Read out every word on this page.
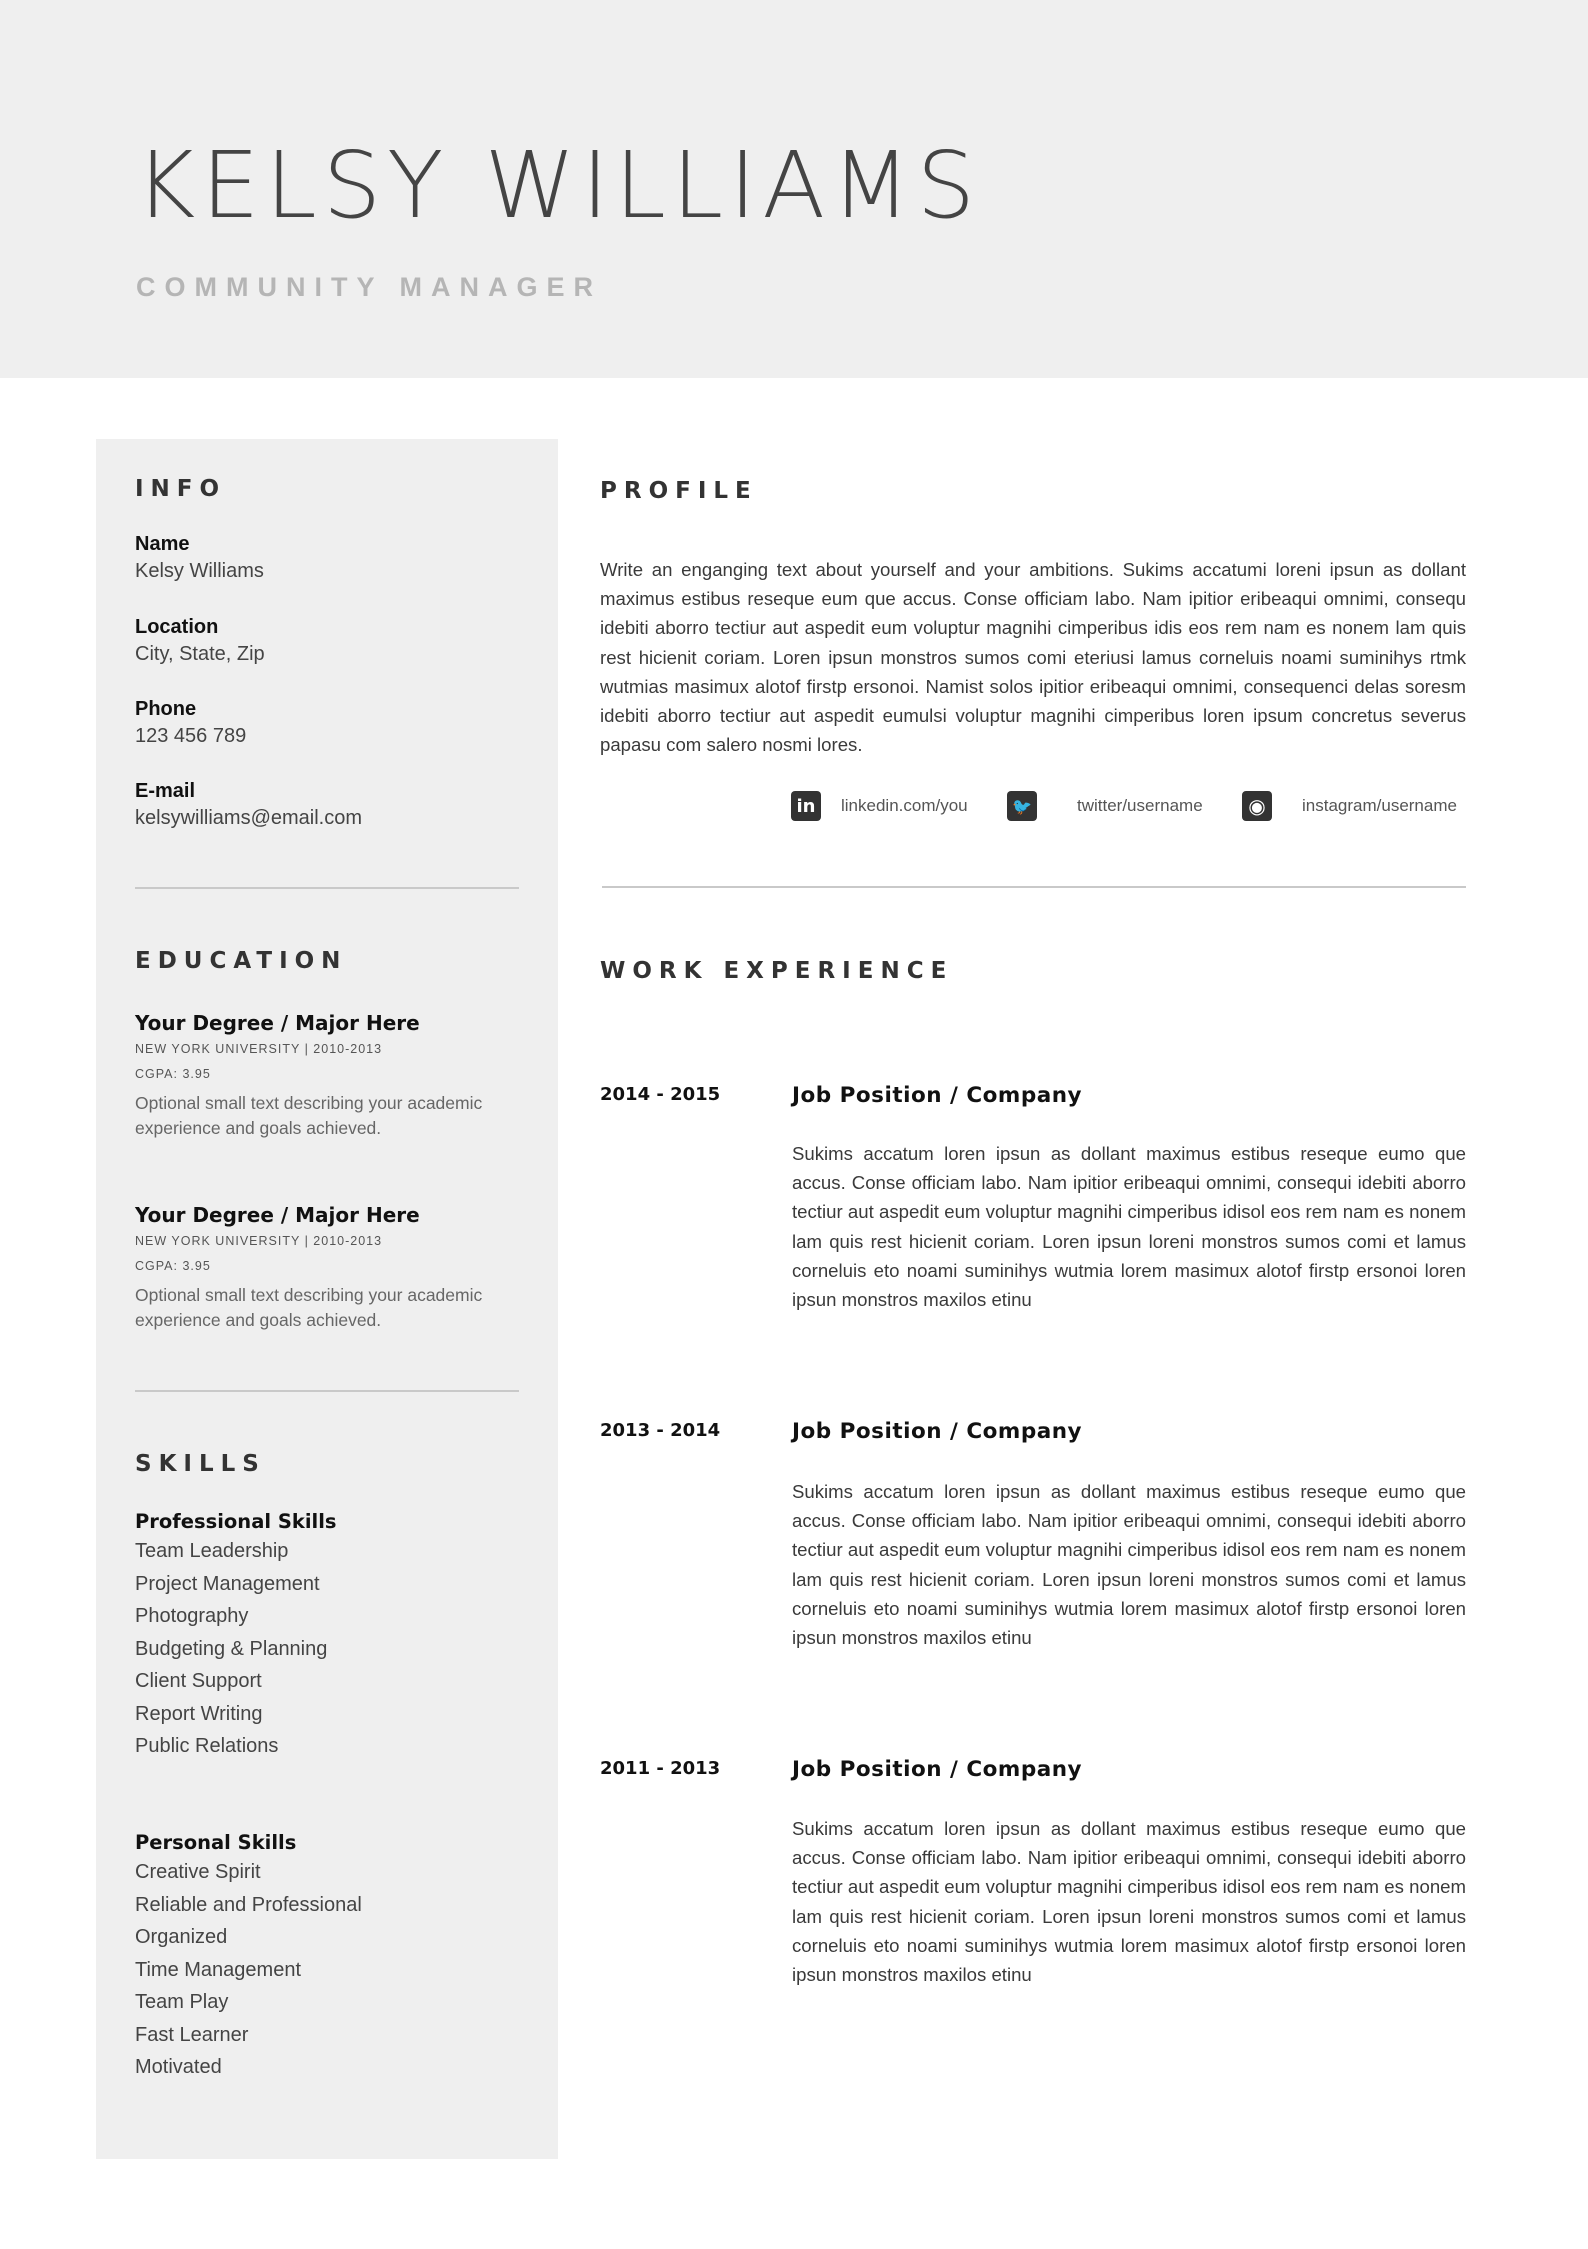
KELSY WILLIAMS

COMMUNITY MANAGER

INFO

Name

Kelsy Williams

Location

City, State, Zip

Phone

123 456 789

E-mail

kelsywilliams@email.com

EDUCATION

Your Degree / Major Here

NEW YORK UNIVERSITY | 2010-2013

CGPA: 3.95

Optional small text describing your academic experience and goals achieved.

Your Degree / Major Here

NEW YORK UNIVERSITY | 2010-2013

CGPA: 3.95

Optional small text describing your academic experience and goals achieved.

SKILLS

Professional Skills

Team Leadership
Project Management
Photography
Budgeting & Planning
Client Support
Report Writing
Public Relations

Personal Skills

Creative Spirit
Reliable and Professional
Organized
Time Management
Team Play
Fast Learner
Motivated

PROFILE

Write an enganging text about yourself and your ambitions. Sukims accatumi loreni ipsun as dollant maximus estibus reseque eum que accus. Conse officiam labo. Nam ipitior eribeaqui omnimi, consequ idebiti aborro tectiur aut aspedit eum voluptur magnihi cimperibus idis eos rem nam es nonem lam quis rest hicienit coriam. Loren ipsun monstros sumos comi eteriusi lamus corneluis noami suminihys rtmk wutmias masimux alotof firstp ersonoi. Namist solos ipitior eribeaqui omnimi, consequenci delas soresm idebiti aborro tectiur aut aspedit eumulsi voluptur magnihi cimperibus loren ipsum concretus severus papasu com salero nosmi lores.

in	linkedin.com/you	🐦	twitter/username	◉	instagram/username

WORK EXPERIENCE

2014 - 2015	Job Position / Company

Sukims accatum loren ipsun as dollant maximus estibus reseque eumo que accus. Conse officiam labo. Nam ipitior eribeaqui omnimi, consequi idebiti aborro tectiur aut aspedit eum voluptur magnihi cimperibus idisol eos rem nam es nonem lam quis rest hicienit coriam. Loren ipsun loreni monstros sumos comi et lamus corneluis eto noami suminihys wutmia lorem masimux alotof firstp ersonoi loren ipsun monstros maxilos etinu

2013 - 2014	Job Position / Company

Sukims accatum loren ipsun as dollant maximus estibus reseque eumo que accus. Conse officiam labo. Nam ipitior eribeaqui omnimi, consequi idebiti aborro tectiur aut aspedit eum voluptur magnihi cimperibus idisol eos rem nam es nonem lam quis rest hicienit coriam. Loren ipsun loreni monstros sumos comi et lamus corneluis eto noami suminihys wutmia lorem masimux alotof firstp ersonoi loren ipsun monstros maxilos etinu

2011 - 2013	Job Position / Company

Sukims accatum loren ipsun as dollant maximus estibus reseque eumo que accus. Conse officiam labo. Nam ipitior eribeaqui omnimi, consequi idebiti aborro tectiur aut aspedit eum voluptur magnihi cimperibus idisol eos rem nam es nonem lam quis rest hicienit coriam. Loren ipsun loreni monstros sumos comi et lamus corneluis eto noami suminihys wutmia lorem masimux alotof firstp ersonoi loren ipsun monstros maxilos etinu
